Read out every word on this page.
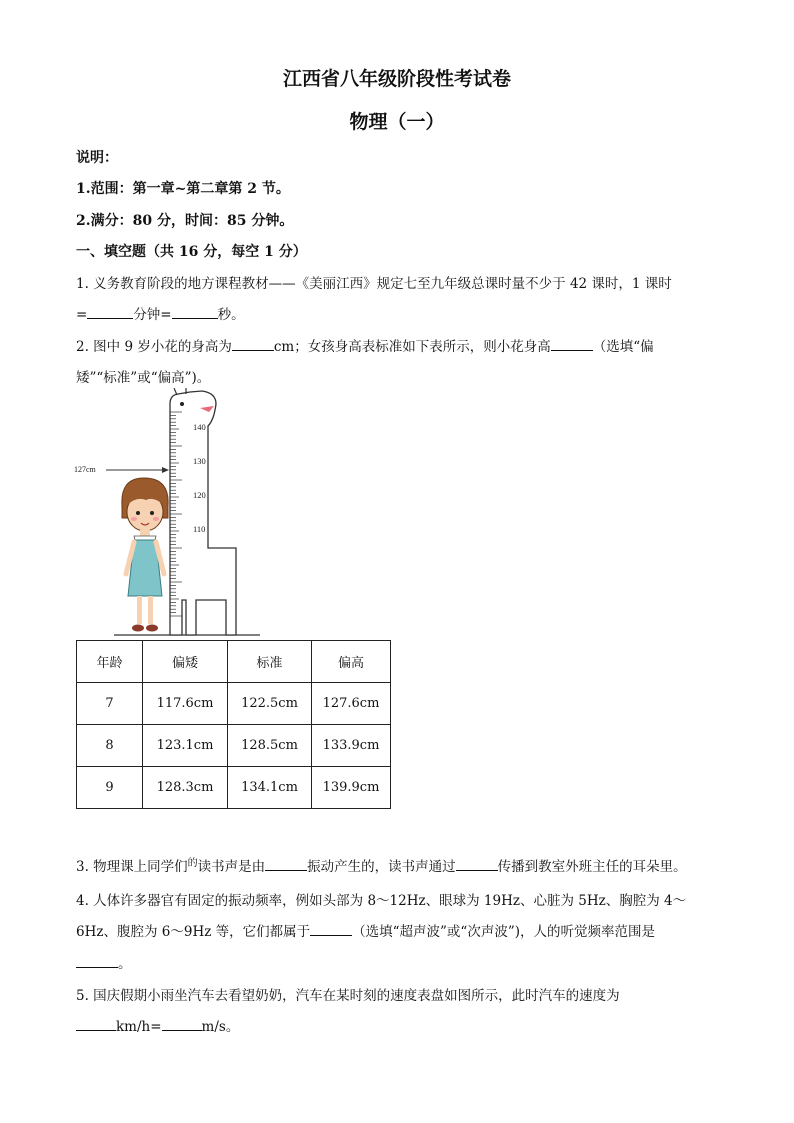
江西省八年级阶段性考试卷
物理（一）
说明：
1.范围：第一章~第二章第 2 节。
2.满分：80 分，时间：85 分钟。
一、填空题（共 16 分，每空 1 分）
1. 义务教育阶段的地方课程教材——《美丽江西》规定七至九年级总课时量不少于 42 课时，1 课时
=	分钟=	秒。
2. 图中 9 岁小花的身高为	cm；女孩身高表标准如下表所示，则小花身高	（选填“偏
矮”“标准”或“偏高”)。
140
130
120
110
127cm
年龄	偏矮	标准	偏高
7	117.6cm	122.5cm	127.6cm
8	123.1cm	128.5cm	133.9cm
9	128.3cm	134.1cm	139.9cm
3. 物理课上同学们$^的$读书声是由	振动产生的，读书声通过	传播到教室外班主任的耳朵里。
4. 人体许多器官有固定的振动频率，例如头部为 8～12Hz、眼球为 19Hz、心脏为 5Hz、胸腔为 4～
6Hz、腹腔为 6～9Hz 等，它们都属于	（选填“超声波”或“次声波”)，人的听觉频率范围是
。
5. 国庆假期小雨坐汽车去看望奶奶，汽车在某时刻的速度表盘如图所示，此时汽车的速度为
km/h=	m/s。
